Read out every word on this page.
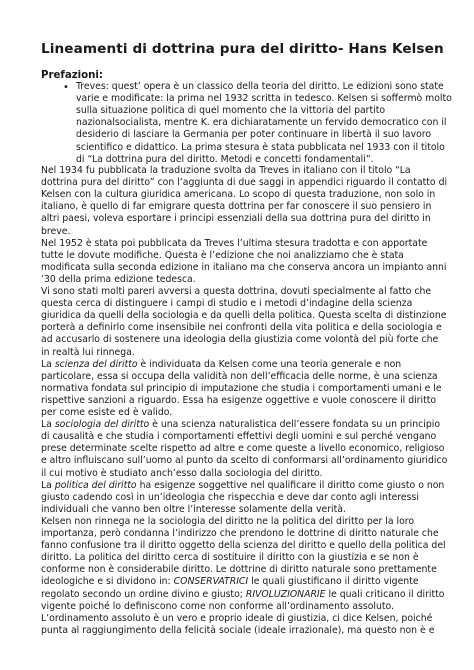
Lineamenti di dottrina pura del diritto- Hans Kelsen
Prefazioni:
• Treves: quest’ opera è un classico della teoria del diritto. Le edizioni sono state
varie e modificate: la prima nel 1932 scritta in tedesco. Kelsen si soffermò molto
sulla situazione politica di quel momento che la vittoria del partito
nazionalsocialista, mentre K. era dichiaratamente un fervido democratico con il
desiderio di lasciare la Germania per poter continuare in libertà il suo lavoro
scientifico e didattico. La prima stesura è stata pubblicata nel 1933 con il titolo
di “La dottrina pura del diritto. Metodi e concetti fondamentali”.
Nel 1934 fu pubblicata la traduzione svolta da Treves in italiano con il titolo “La
dottrina pura del diritto” con l’aggiunta di due saggi in appendici riguardo il contatto di
Kelsen con la cultura giuridica americana. Lo scopo di questa traduzione, non solo in
italiano, è quello di far emigrare questa dottrina per far conoscere il suo pensiero in
altri paesi, voleva esportare i principi essenziali della sua dottrina pura del diritto in
breve.
Nel 1952 è stata poi pubblicata da Treves l’ultima stesura tradotta e con apportate
tutte le dovute modifiche. Questa è l’edizione che noi analizziamo che è stata
modificata sulla seconda edizione in italiano ma che conserva ancora un impianto anni
’30 della prima edizione tedesca.
Vi sono stati molti pareri avversi a questa dottrina, dovuti specialmente al fatto che
questa cerca di distinguere i campi di studio e i metodi d’indagine della scienza
giuridica da quelli della sociologia e da quelli della politica. Questa scelta di distinzione
porterà a definirlo come insensibile nei confronti della vita politica e della sociologia e
ad accusarlo di sostenere una ideologia della giustizia come volontà del più forte che
in realtà lui rinnega.
La scienza del diritto è individuata da Kelsen come una teoria generale e non
particolare, essa si occupa della validità non dell’efficacia delle norme, è una scienza
normativa fondata sul principio di imputazione che studia i comportamenti umani e le
rispettive sanzioni a riguardo. Essa ha esigenze oggettive e vuole conoscere il diritto
per come esiste ed è valido.
La sociologia del diritto è una scienza naturalistica dell’essere fondata su un principio
di causalità e che studia i comportamenti effettivi degli uomini e sul perché vengano
prese determinate scelte rispetto ad altre e come queste a livello economico, religioso
e altro influiscano sull’uomo al punto da scelto di conformarsi all’ordinamento giuridico
il cui motivo è studiato anch’esso dalla sociologia del diritto.
La politica del diritto ha esigenze soggettive nel qualificare il diritto come giusto o non
giusto cadendo così in un’ideologia che rispecchia e deve dar conto agli interessi
individuali che vanno ben oltre l’interesse solamente della verità.
Kelsen non rinnega ne la sociologia del diritto ne la politica del diritto per la loro
importanza, però condanna l’indirizzo che prendono le dottrine di diritto naturale che
fanno confusione tra il diritto oggetto della scienza del diritto e quello della politica del
diritto. La politica del diritto cerca di sostituire il diritto con la giustizia e se non è
conforme non è considerabile diritto. Le dottrine di diritto naturale sono prettamente
ideologiche e si dividono in: CONSERVATRICI le quali giustificano il diritto vigente
regolato secondo un ordine divino e giusto; RIVOLUZIONARIE le quali criticano il diritto
vigente poiché lo definiscono come non conforme all’ordinamento assoluto.
L’ordinamento assoluto è un vero e proprio ideale di giustizia, ci dice Kelsen, poiché
punta al raggiungimento della felicità sociale (ideale irrazionale), ma questo non è e
